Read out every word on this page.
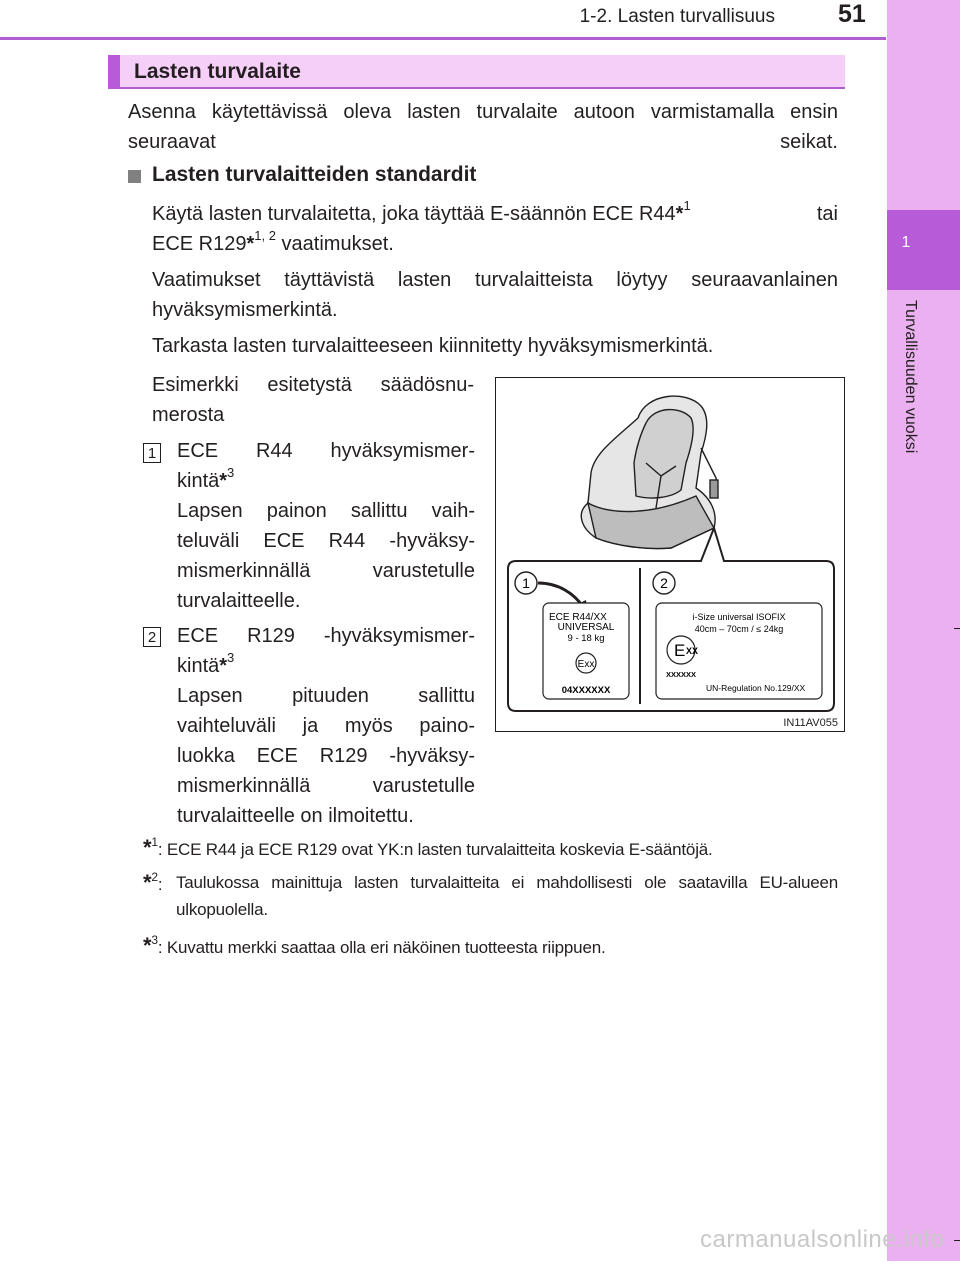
1-2. Lasten turvallisuus	51
1
Turvallisuuden vuoksi
Lasten turvalaite
Asenna käytettävissä oleva lasten turvalaite autoon varmistamalla ensin seuraavat seikat.
Lasten turvalaitteiden standardit
Käytä lasten turvalaitetta, joka täyttää E-säännön ECE R44*$^1$	tai
ECE R129*$^{1, 2}$ vaatimukset.
Vaatimukset täyttävistä lasten turvalaitteista löytyy seuraavanlainen hyväksymismerkintä.
Tarkasta lasten turvalaitteeseen kiinnitetty hyväksymismerkintä.
Esimerkki esitetystä säädösnu-
merosta
1 ECE R44 hyväksymismer-
kintä*$^3$
Lapsen painon sallittu vaih-
teluväli ECE R44 -hyväksy-
mismerkinnällä varustetulle

turvalaitteelle.
2 ECE R129 -hyväksymismer-
kintä*$^3$
Lapsen pituuden sallittu
vaihteluväli ja myös paino-
luokka ECE R129 -hyväksy-
mismerkinnällä varustetulle

turvalaitteelle on ilmoitettu.
1	2
ECE R44/XX
UNIVERSAL
9 - 18 kg
Exx
04XXXXXX
i-Size universal ISOFIX
40cm – 70cm / ≤ 24kg
E XX
XXXXXX
UN-Regulation No.129/XX
IN11AV055
*$^1$: ECE R44 ja ECE R129 ovat YK:n lasten turvalaitteita koskevia E-sääntöjä.
*$^2$: Taulukossa mainittuja lasten turvalaitteita ei mahdollisesti ole saatavilla EU-alueen ulkopuolella.
*$^3$: Kuvattu merkki saattaa olla eri näköinen tuotteesta riippuen.
carmanualsonline.info
